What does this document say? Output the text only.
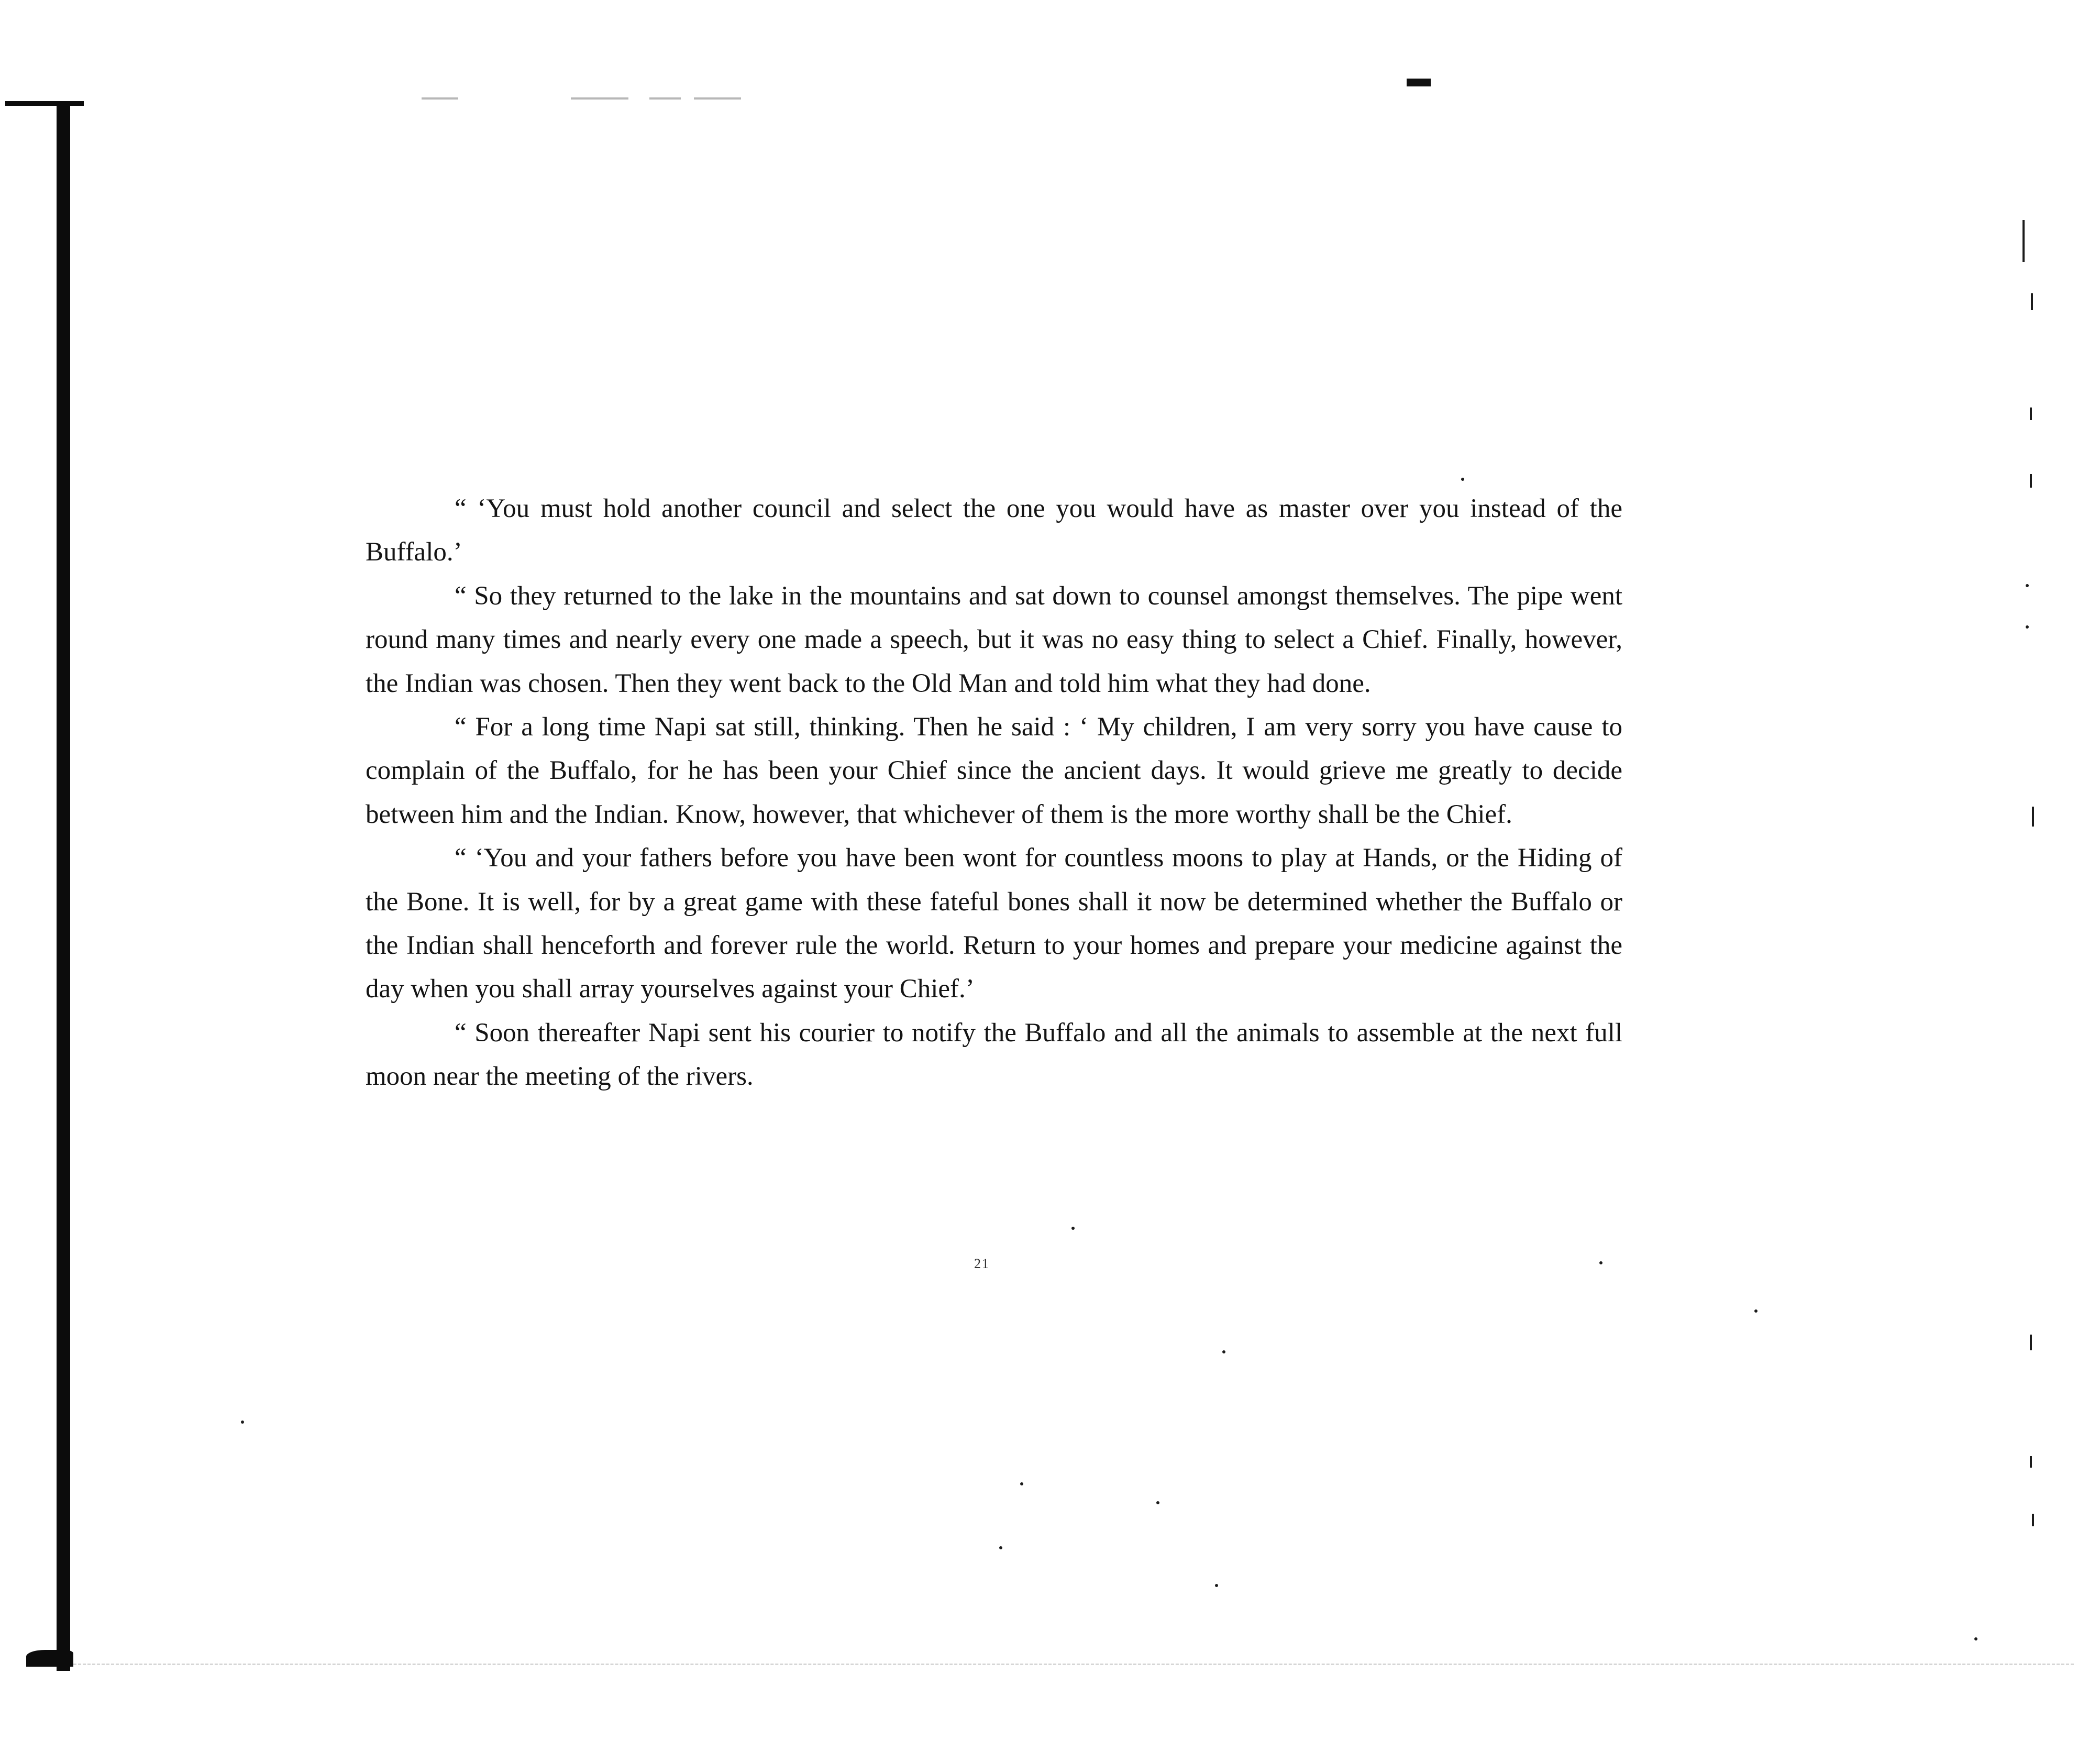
“ ‘You must hold another council and select the one you would have as master over you instead of the Buffalo.’

“ So they returned to the lake in the mountains and sat down to counsel amongst themselves. The pipe went round many times and nearly every one made a speech, but it was no easy thing to select a Chief. Finally, however, the Indian was chosen. Then they went back to the Old Man and told him what they had done.

“ For a long time Napi sat still, thinking. Then he said : ‘ My children, I am very sorry you have cause to complain of the Buffalo, for he has been your Chief since the ancient days. It would grieve me greatly to decide between him and the Indian. Know, however, that whichever of them is the more worthy shall be the Chief.

“ ‘You and your fathers before you have been wont for countless moons to play at Hands, or the Hiding of the Bone. It is well, for by a great game with these fateful bones shall it now be determined whether the Buffalo or the Indian shall henceforth and forever rule the world. Return to your homes and prepare your medicine against the day when you shall array yourselves against your Chief.’

“ Soon thereafter Napi sent his courier to notify the Buffalo and all the animals to assemble at the next full moon near the meeting of the rivers.

21
